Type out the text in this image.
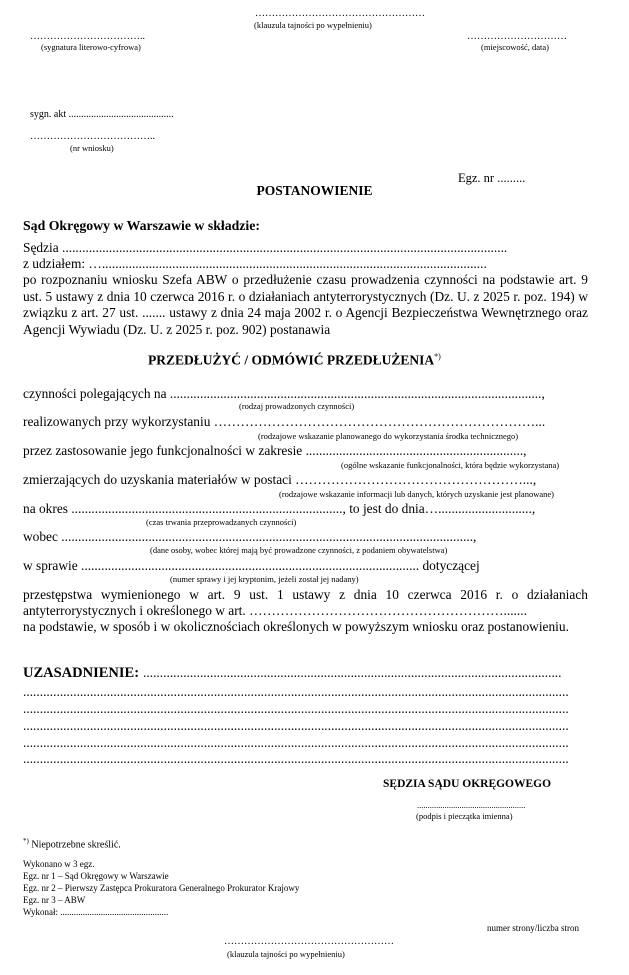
……………………………………………
(klauzula tajności po wypełnieniu)
……………………………..
(sygnatura literowo-cyfrowa)
…………………………
(miejscowość, data)
sygn. akt ..........................................
………………………………..
(nr wniosku)
Egz. nr .........
POSTANOWIENIE
Sąd Okręgowy w Warszawie w składzie:
Sędzia .....................................................................................................................................
z udziałem: …...................................................................................................................
po rozpoznaniu wniosku Szefa ABW o przedłużenie czasu prowadzenia czynności na podstawie art. 9 ust. 5 ustawy z dnia 10 czerwca 2016 r. o działaniach antyterrorystycznych (Dz. U. z 2025 r. poz. 194) w związku z art. 27 ust. ....... ustawy z dnia 24 maja 2002 r. o Agencji Bezpieczeństwa Wewnętrznego oraz Agencji Wywiadu (Dz. U. z 2025 r. poz. 902) postanawia
PRZEDŁUŻYĆ / ODMÓWIĆ PRZEDŁUŻENIA*)
czynności polegających na ...............................................................................................................,
(rodzaj prowadzonych czynności)
realizowanych przy wykorzystaniu ………………………………………………………………...
(rodzajowe wskazanie planowanego do wykorzystania środka technicznego)
przez zastosowanie jego funkcjonalności w zakresie .................................................................,
(ogólne wskazanie funkcjonalności, która będzie wykorzystana)
zmierzających do uzyskania materiałów w postaci ……………………………………………...,
(rodzajowe wskazanie informacji lub danych, których uzyskanie jest planowane)
na okres ................................................................................., to jest do dnia…............................,
(czas trwania przeprowadzanych czynności)
wobec ...........................................................................................................................,
(dane osoby, wobec której mają być prowadzone czynności, z podaniem obywatelstwa)
w sprawie ..................................................................................................... dotyczącej
(numer sprawy i jej kryptonim, jeżeli został jej nadany)
przestępstwa wymienionego w art. 9 ust. 1 ustawy z dnia 10 czerwca 2016 r. o działaniach antyterrorystycznych i określonego w art. ………………………………………………….......
na podstawie, w sposób i w okolicznościach określonych w powyższym wniosku oraz postanowieniu.
UZASADNIENIE: .............................................................................................................................
...................................................................................................................................................................
...................................................................................................................................................................
...................................................................................................................................................................
...................................................................................................................................................................
...................................................................................................................................................................
SĘDZIA SĄDU OKRĘGOWEGO
...................................................
(podpis i pieczątka imienna)
*) Niepotrzebne skreślić.
Wykonano w 3 egz.
Egz. nr 1 – Sąd Okręgowy w Warszawie
Egz. nr 2 – Pierwszy Zastępca Prokuratora Generalnego Prokurator Krajowy
Egz. nr 3 – ABW
Wykonał: ................................................
numer strony/liczba stron
……………………………………………
(klauzula tajności po wypełnieniu)
